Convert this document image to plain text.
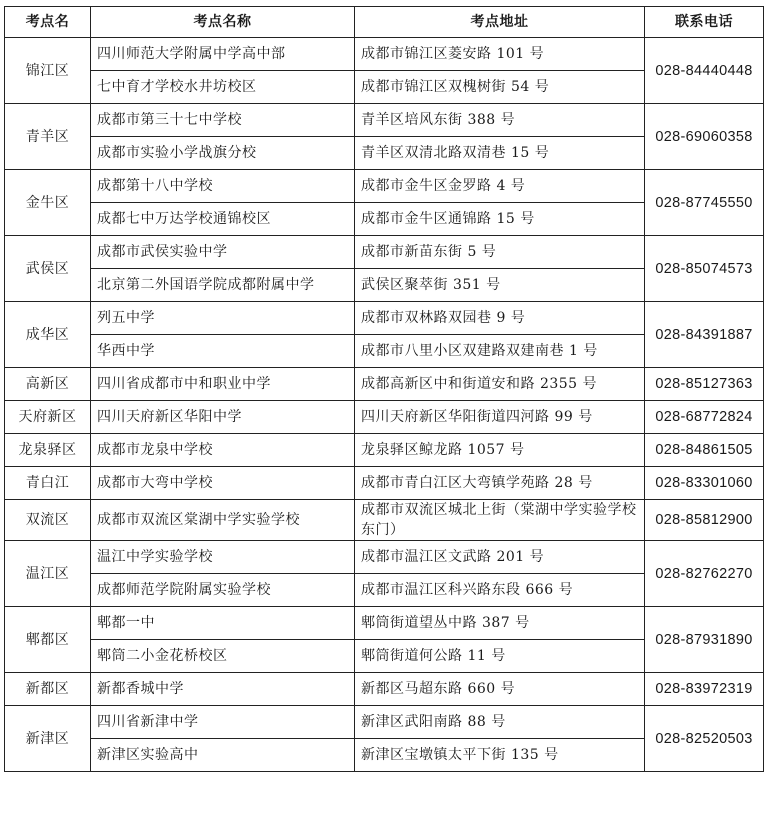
考点名	考点名称	考点地址	联系电话
锦江区	四川师范大学附属中学高中部	成都市锦江区菱安路 101 号	028-84440448
	七中育才学校水井坊校区	成都市锦江区双槐树街 54 号	
青羊区	成都市第三十七中学校	青羊区培风东街 388 号	028-69060358
	成都市实验小学战旗分校	青羊区双清北路双清巷 15 号	
金牛区	成都第十八中学校	成都市金牛区金罗路 4 号	028-87745550
	成都七中万达学校通锦校区	成都市金牛区通锦路 15 号	
武侯区	成都市武侯实验中学	成都市新苗东街 5 号	028-85074573
	北京第二外国语学院成都附属中学	武侯区聚萃街 351 号	
成华区	列五中学	成都市双林路双园巷 9 号	028-84391887
	华西中学	成都市八里小区双建路双建南巷 1 号	
高新区	四川省成都市中和职业中学	成都高新区中和街道安和路 2355 号	028-85127363
天府新区	四川天府新区华阳中学	四川天府新区华阳街道四河路 99 号	028-68772824
龙泉驿区	成都市龙泉中学校	龙泉驿区鲸龙路 1057 号	028-84861505
青白江	成都市大弯中学校	成都市青白江区大弯镇学苑路 28 号	028-83301060
双流区	成都市双流区棠湖中学实验学校	成都市双流区城北上街（棠湖中学实验学校东门）	028-85812900
温江区	温江中学实验学校	成都市温江区文武路 201 号	028-82762270
	成都师范学院附属实验学校	成都市温江区科兴路东段 666 号	
郫都区	郫都一中	郫筒街道望丛中路 387 号	028-87931890
	郫筒二小金花桥校区	郫筒街道何公路 11 号	
新都区	新都香城中学	新都区马超东路 660 号	028-83972319
新津区	四川省新津中学	新津区武阳南路 88 号	028-82520503
	新津区实验高中	新津区宝墩镇太平下街 135 号	
